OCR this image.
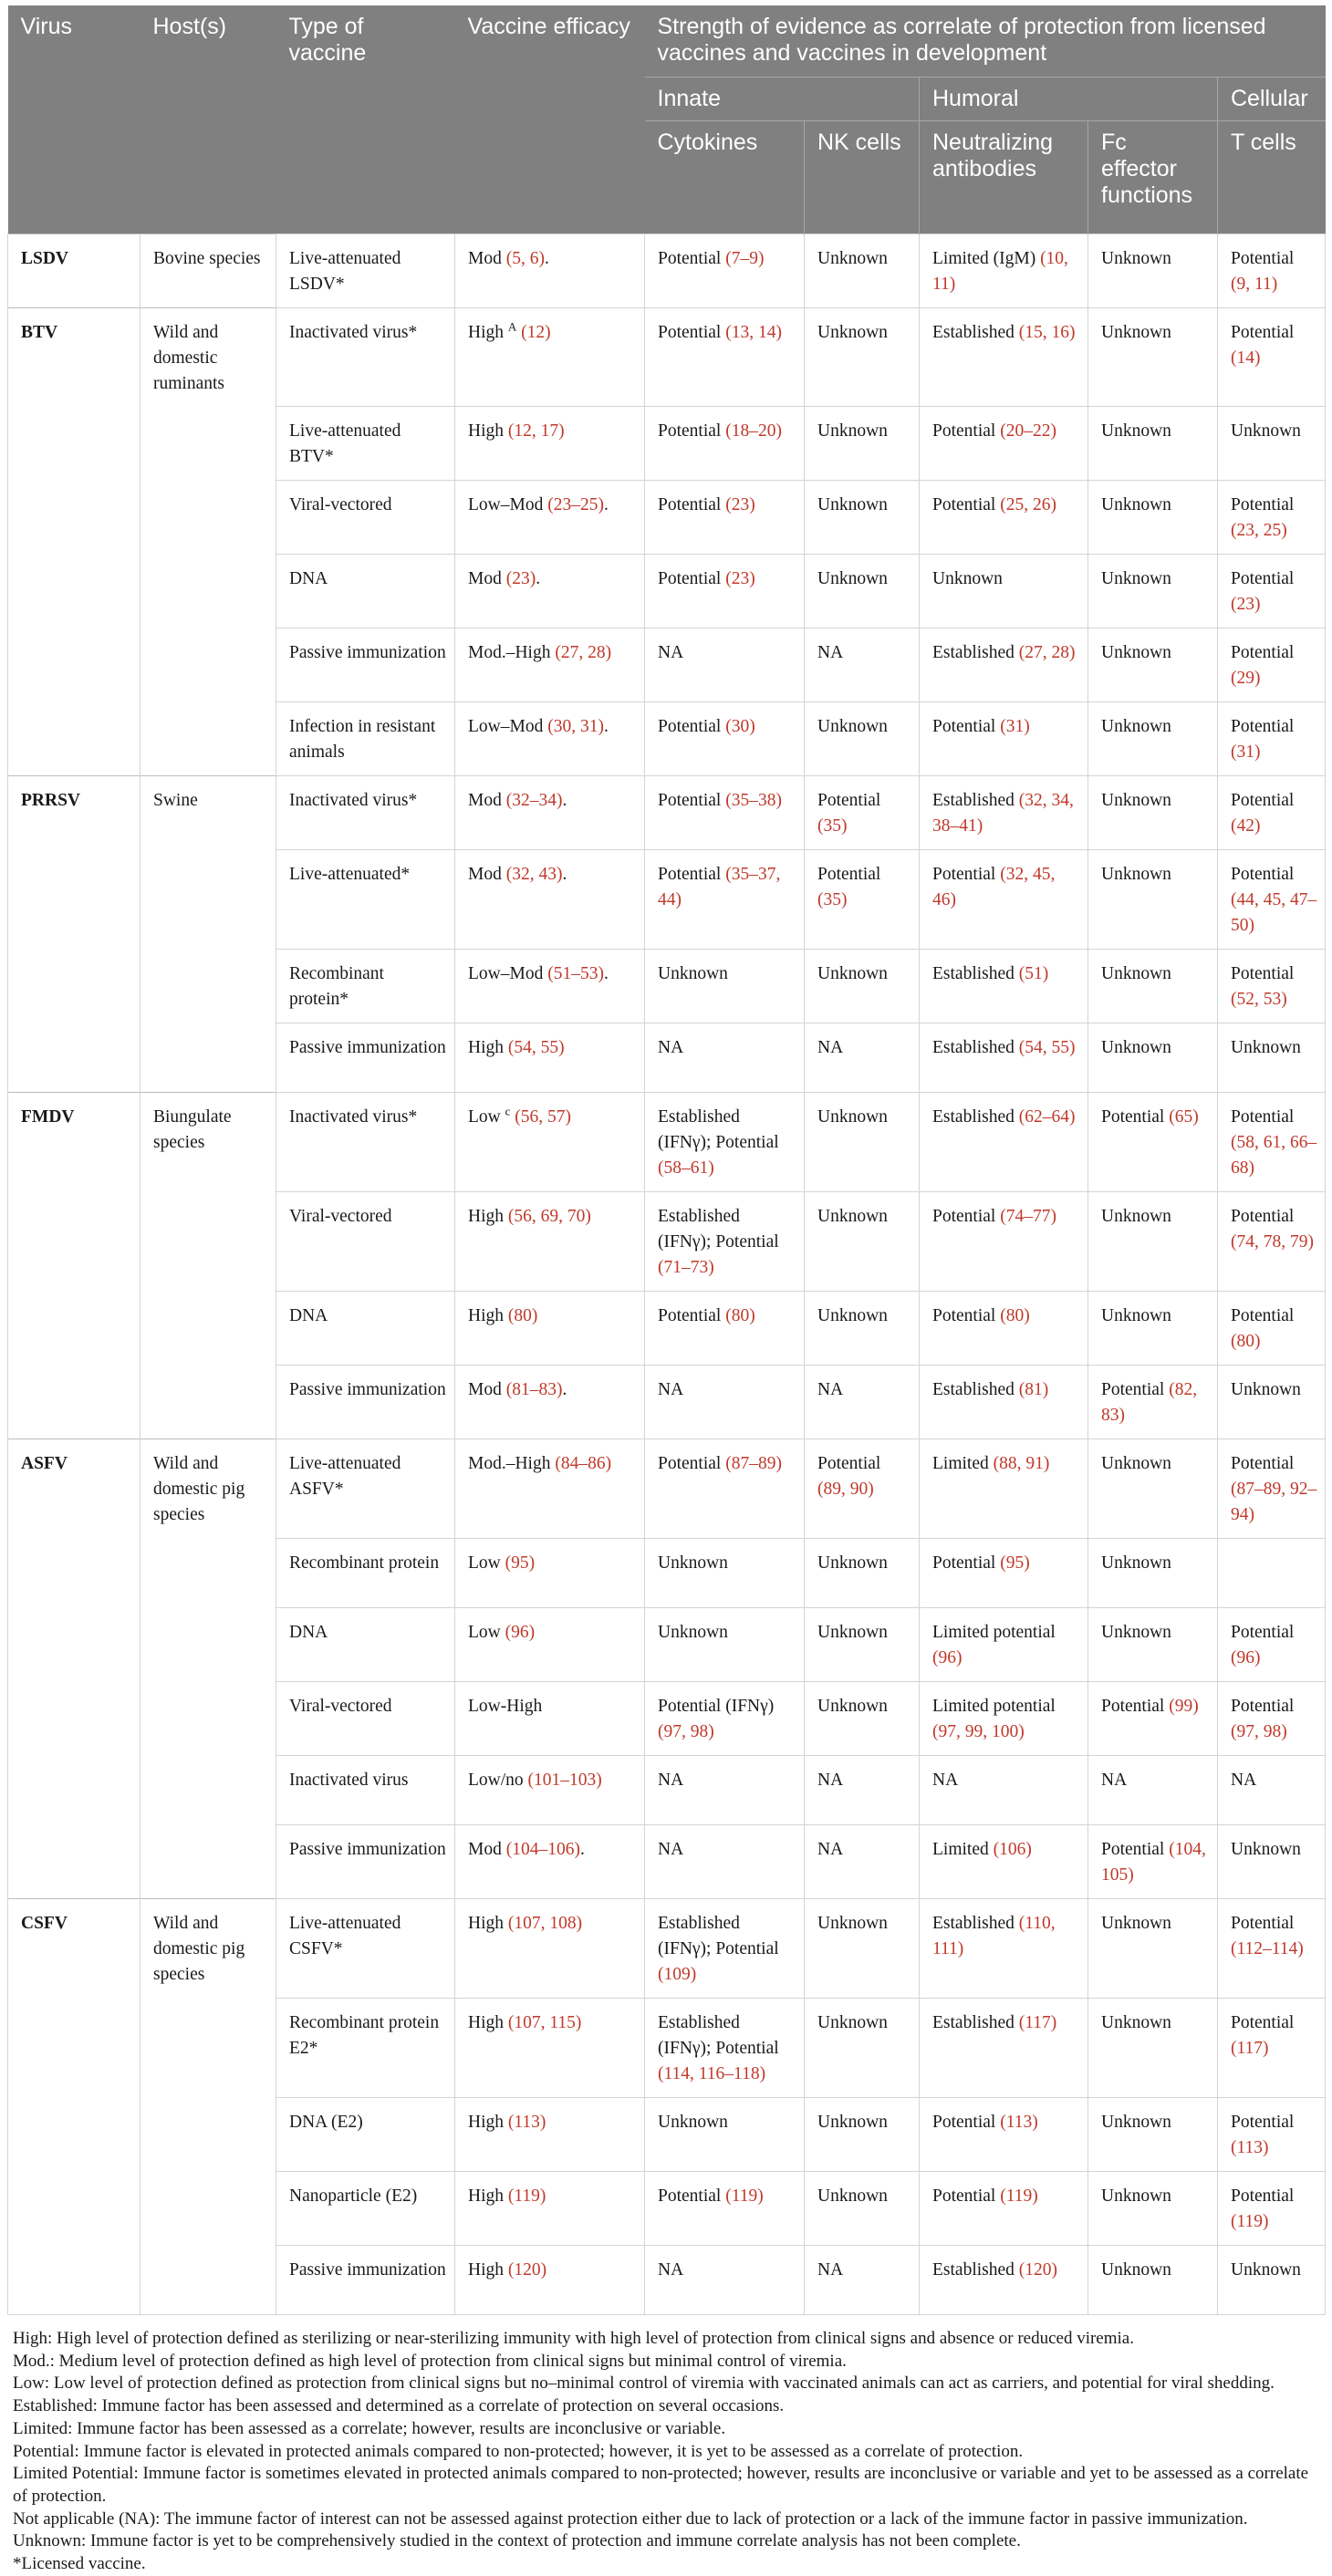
Virus	Host(s)	Type of vaccine	Vaccine efficacy	Strength of evidence as correlate of protection from licensed vaccines and vaccines in development				
				Innate		Humoral		Cellular
				Cytokines	NK cells	Neutralizing antibodies	Fc effector functions	T cells
LSDV	Bovine species	Live-attenuated LSDV*	Mod (5, 6).	Potential (7–9)	Unknown	Limited (IgM) (10, 11)	Unknown	Potential (9, 11)
BTV	Wild and domestic ruminants	Inactivated virus*	High $^A$ (12)	Potential (13, 14)	Unknown	Established (15, 16)	Unknown	Potential (14)
		Live-attenuated BTV*	High (12, 17)	Potential (18–20)	Unknown	Potential (20–22)	Unknown	Unknown
		Viral-vectored	Low–Mod (23–25).	Potential (23)	Unknown	Potential (25, 26)	Unknown	Potential (23, 25)
		DNA	Mod (23).	Potential (23)	Unknown	Unknown	Unknown	Potential (23)
		Passive immunization	Mod.–High (27, 28)	NA	NA	Established (27, 28)	Unknown	Potential (29)
		Infection in resistant animals	Low–Mod (30, 31).	Potential (30)	Unknown	Potential (31)	Unknown	Potential (31)
PRRSV	Swine	Inactivated virus*	Mod (32–34).	Potential (35–38)	Potential (35)	Established (32, 34, 38–41)	Unknown	Potential (42)
		Live-attenuated*	Mod (32, 43).	Potential (35–37, 44)	Potential (35)	Potential (32, 45, 46)	Unknown	Potential (44, 45, 47–50)
		Recombinant protein*	Low–Mod (51–53).	Unknown	Unknown	Established (51)	Unknown	Potential (52, 53)
		Passive immunization	High (54, 55)	NA	NA	Established (54, 55)	Unknown	Unknown
FMDV	Biungulate species	Inactivated virus*	Low $^c$ (56, 57)	Established (IFNγ); Potential (58–61)	Unknown	Established (62–64)	Potential (65)	Potential (58, 61, 66–68)
		Viral-vectored	High (56, 69, 70)	Established (IFNγ); Potential (71–73)	Unknown	Potential (74–77)	Unknown	Potential (74, 78, 79)
		DNA	High (80)	Potential (80)	Unknown	Potential (80)	Unknown	Potential (80)
		Passive immunization	Mod (81–83).	NA	NA	Established (81)	Potential (82, 83)	Unknown
ASFV	Wild and domestic pig species	Live-attenuated ASFV*	Mod.–High (84–86)	Potential (87–89)	Potential (89, 90)	Limited (88, 91)	Unknown	Potential (87–89, 92–94)
		Recombinant protein	Low (95)	Unknown	Unknown	Potential (95)	Unknown	
		DNA	Low (96)	Unknown	Unknown	Limited potential (96)	Unknown	Potential (96)
		Viral-vectored	Low-High	Potential (IFNγ) (97, 98)	Unknown	Limited potential (97, 99, 100)	Potential (99)	Potential (97, 98)
		Inactivated virus	Low/no (101–103)	NA	NA	NA	NA	NA
		Passive immunization	Mod (104–106).	NA	NA	Limited (106)	Potential (104, 105)	Unknown
CSFV	Wild and domestic pig species	Live-attenuated CSFV*	High (107, 108)	Established (IFNγ); Potential (109)	Unknown	Established (110, 111)	Unknown	Potential (112–114)
		Recombinant protein E2*	High (107, 115)	Established (IFNγ); Potential (114, 116–118)	Unknown	Established (117)	Unknown	Potential (117)
		DNA (E2)	High (113)	Unknown	Unknown	Potential (113)	Unknown	Potential (113)
		Nanoparticle (E2)	High (119)	Potential (119)	Unknown	Potential (119)	Unknown	Potential (119)
		Passive immunization	High (120)	NA	NA	Established (120)	Unknown	Unknown
High: High level of protection defined as sterilizing or near-sterilizing immunity with high level of protection from clinical signs and absence or reduced viremia.
Mod.: Medium level of protection defined as high level of protection from clinical signs but minimal control of viremia.
Low: Low level of protection defined as protection from clinical signs but no–minimal control of viremia with vaccinated animals can act as carriers, and potential for viral shedding.
Established: Immune factor has been assessed and determined as a correlate of protection on several occasions.
Limited: Immune factor has been assessed as a correlate; however, results are inconclusive or variable.
Potential: Immune factor is elevated in protected animals compared to non-protected; however, it is yet to be assessed as a correlate of protection.
Limited Potential: Immune factor is sometimes elevated in protected animals compared to non-protected; however, results are inconclusive or variable and yet to be assessed as a correlate of protection.
Not applicable (NA): The immune factor of interest can not be assessed against protection either due to lack of protection or a lack of the immune factor in passive immunization.
Unknown: Immune factor is yet to be comprehensively studied in the context of protection and immune correlate analysis has not been complete.
*Licensed vaccine.
